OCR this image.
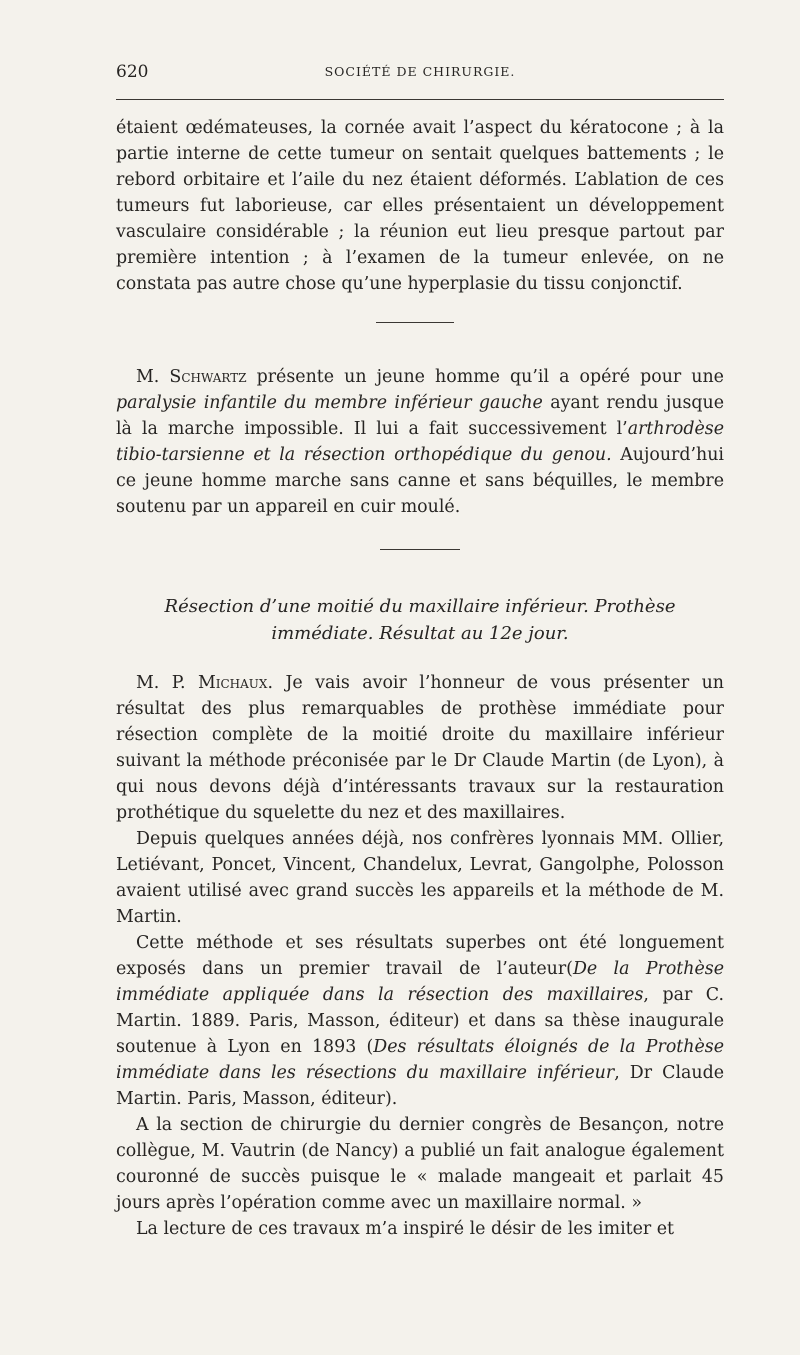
620	SOCIÉTÉ DE CHIRURGIE.

étaient œdémateuses, la cornée avait l’aspect du kératocone ; à la partie interne de cette tumeur on sentait quelques battements ; le rebord orbitaire et l’aile du nez étaient déformés. L’ablation de ces tumeurs fut laborieuse, car elles présentaient un développement vasculaire considérable ; la réunion eut lieu presque partout par première intention ; à l’examen de la tumeur enlevée, on ne constata pas autre chose qu’une hyperplasie du tissu conjonctif.

M. Schwartz présente un jeune homme qu’il a opéré pour une paralysie infantile du membre inférieur gauche ayant rendu jusque là la marche impossible. Il lui a fait successivement l’arthrodèse tibio-tarsienne et la résection orthopédique du genou. Aujourd’hui ce jeune homme marche sans canne et sans béquilles, le membre soutenu par un appareil en cuir moulé.

Résection d’une moitié du maxillaire inférieur. Prothèse
immédiate. Résultat au 12e jour.

M. P. Michaux. Je vais avoir l’honneur de vous présenter un résultat des plus remarquables de prothèse immédiate pour résection complète de la moitié droite du maxillaire inférieur suivant la méthode préconisée par le Dr Claude Martin (de Lyon), à qui nous devons déjà d’intéressants travaux sur la restauration prothétique du squelette du nez et des maxillaires.

Depuis quelques années déjà, nos confrères lyonnais MM. Ollier, Letiévant, Poncet, Vincent, Chandelux, Levrat, Gangolphe, Polosson avaient utilisé avec grand succès les appareils et la méthode de M. Martin.

Cette méthode et ses résultats superbes ont été longuement exposés dans un premier travail de l’auteur(De la Prothèse immédiate appliquée dans la résection des maxillaires, par C. Martin. 1889. Paris, Masson, éditeur) et dans sa thèse inaugurale soutenue à Lyon en 1893 (Des résultats éloignés de la Prothèse immédiate dans les résections du maxillaire inférieur, Dr Claude Martin. Paris, Masson, éditeur).

A la section de chirurgie du dernier congrès de Besançon, notre collègue, M. Vautrin (de Nancy) a publié un fait analogue également couronné de succès puisque le « malade mangeait et parlait 45 jours après l’opération comme avec un maxillaire normal. »

La lecture de ces travaux m’a inspiré le désir de les imiter et
